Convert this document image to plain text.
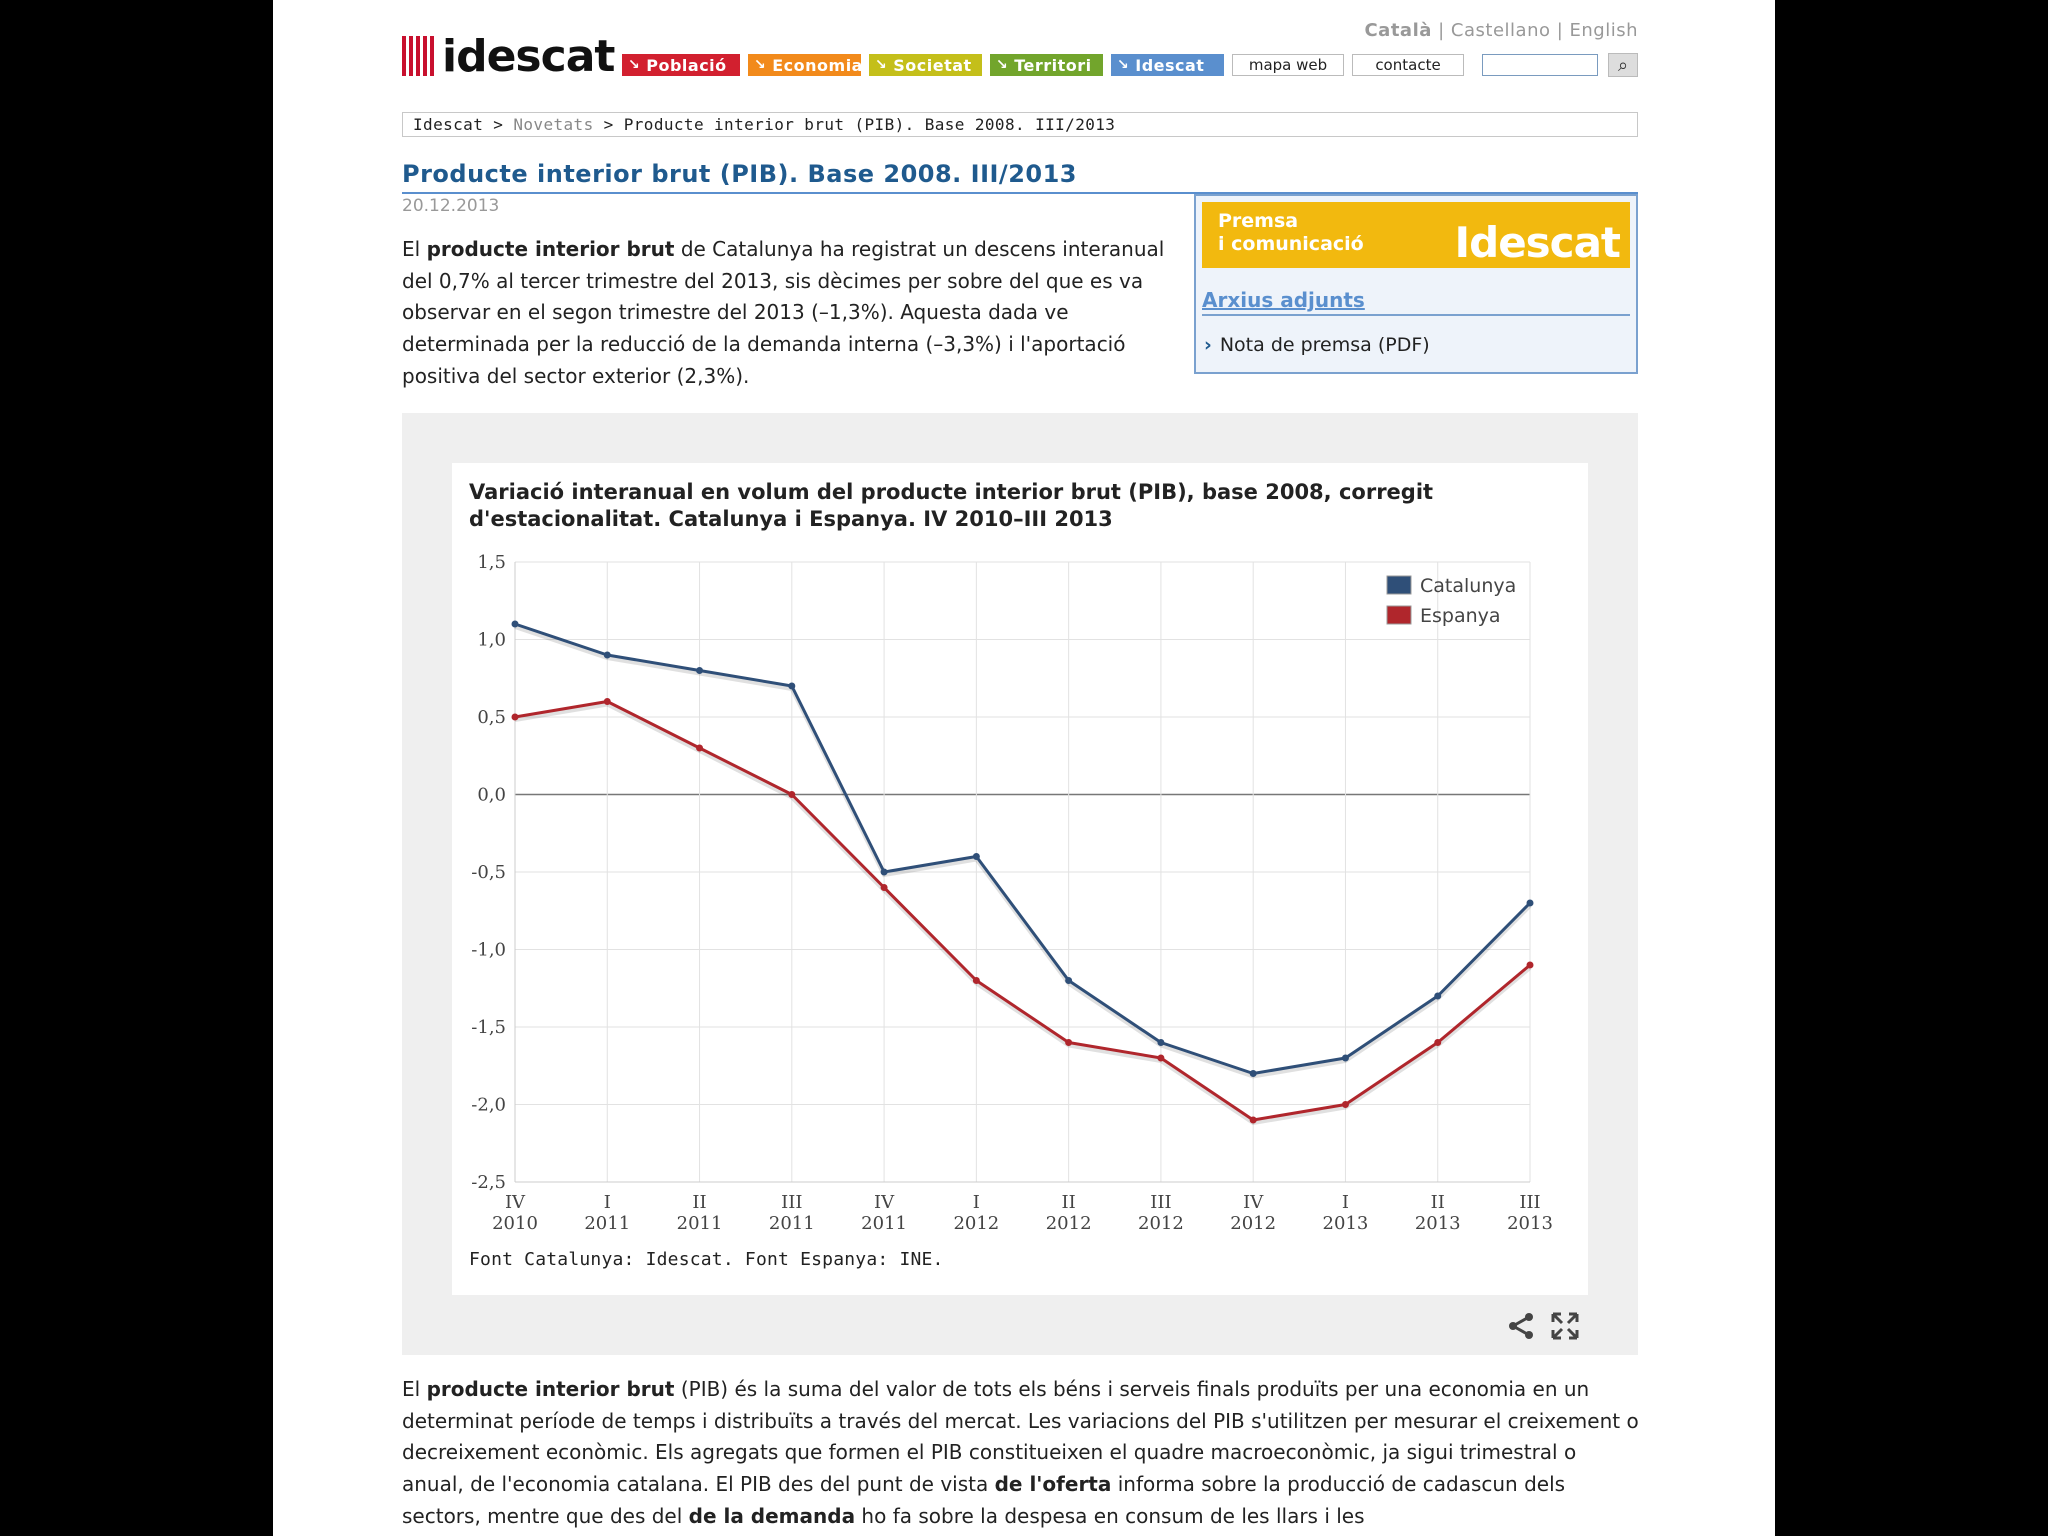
Català | Castellano | English
idescat ↘ Població ↘ Economia ↘ Societat ↘ Territori ↘ Idescat	mapa web	contacte	⌕
Idescat > Novetats > Producte interior brut (PIB). Base 2008. III/2013
Producte interior brut (PIB). Base 2008. III/2013
20.12.2013

El producte interior brut de Catalunya ha registrat un descens interanual del 0,7% al tercer trimestre del 2013, sis dècimes per sobre del que es va observar en el segon trimestre del 2013 (–1,3%). Aquesta dada ve determinada per la reducció de la demanda interna (–3,3%) i l'aportació positiva del sector exterior (2,3%).

Premsa
i comunicació Idescat
Arxius adjunts
› Nota de premsa (PDF)
Variació interanual en volum del producte interior brut (PIB), base 2008, corregit d'estacionalitat. Catalunya i Espanya. IV 2010–III 2013
1,5
1,0
0,5
0,0
-0,5
-1,0
-1,5
-2,0
-2,5
IV
2010
I
2011
II
2011
III
2011
IV
2011
I
2012
II
2012
III
2012
IV
2012
I
2013
II
2013
III
2013
Catalunya
Espanya
Font Catalunya: Idescat. Font Espanya: INE.

El producte interior brut (PIB) és la suma del valor de tots els béns i serveis finals produïts per una economia en un determinat període de temps i distribuïts a través del mercat. Les variacions del PIB s'utilitzen per mesurar el creixement o decreixement econòmic. Els agregats que formen el PIB constitueixen el quadre macroeconòmic, ja sigui trimestral o anual, de l'economia catalana. El PIB des del punt de vista de l'oferta informa sobre la producció de cadascun dels sectors, mentre que des del de la demanda ho fa sobre la despesa en consum de les llars i les
